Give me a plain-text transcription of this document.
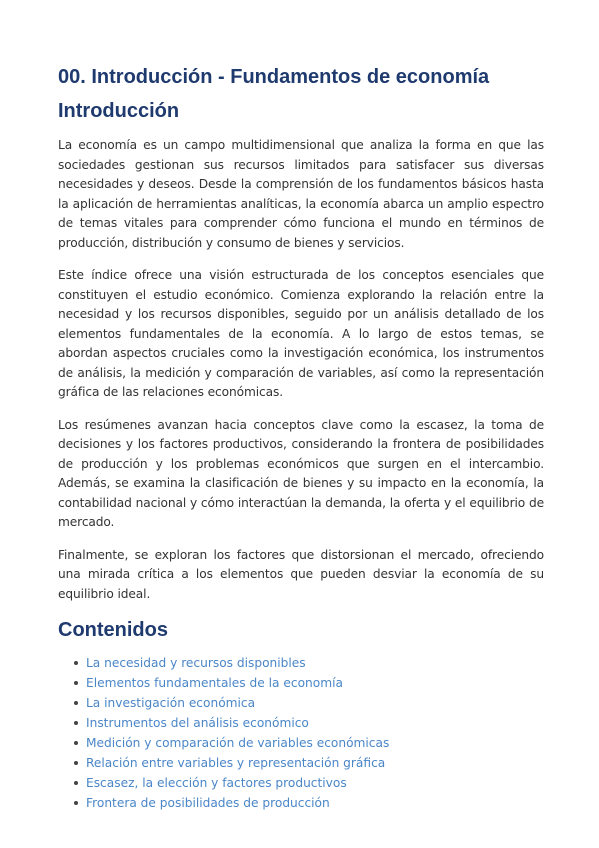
00. Introducción - Fundamentos de economía
Introducción

La economía es un campo multidimensional que analiza la forma en que las sociedades gestionan sus recursos limitados para satisfacer sus diversas necesidades y deseos. Desde la comprensión de los fundamentos básicos hasta la aplicación de herramientas analíticas, la economía abarca un amplio espectro de temas vitales para comprender cómo funciona el mundo en términos de producción, distribución y consumo de bienes y servicios.

Este índice ofrece una visión estructurada de los conceptos esenciales que constituyen el estudio económico. Comienza explorando la relación entre la necesidad y los recursos disponibles, seguido por un análisis detallado de los elementos fundamentales de la economía. A lo largo de estos temas, se abordan aspectos cruciales como la investigación económica, los instrumentos de análisis, la medición y comparación de variables, así como la representación gráfica de las relaciones económicas.

Los resúmenes avanzan hacia conceptos clave como la escasez, la toma de decisiones y los factores productivos, considerando la frontera de posibilidades de producción y los problemas económicos que surgen en el intercambio. Además, se examina la clasificación de bienes y su impacto en la economía, la contabilidad nacional y cómo interactúan la demanda, la oferta y el equilibrio de mercado.

Finalmente, se exploran los factores que distorsionan el mercado, ofreciendo una mirada crítica a los elementos que pueden desviar la economía de su equilibrio ideal.

Contenidos
La necesidad y recursos disponibles
Elementos fundamentales de la economía
La investigación económica
Instrumentos del análisis económico
Medición y comparación de variables económicas
Relación entre variables y representación gráfica
Escasez, la elección y factores productivos
Frontera de posibilidades de producción
